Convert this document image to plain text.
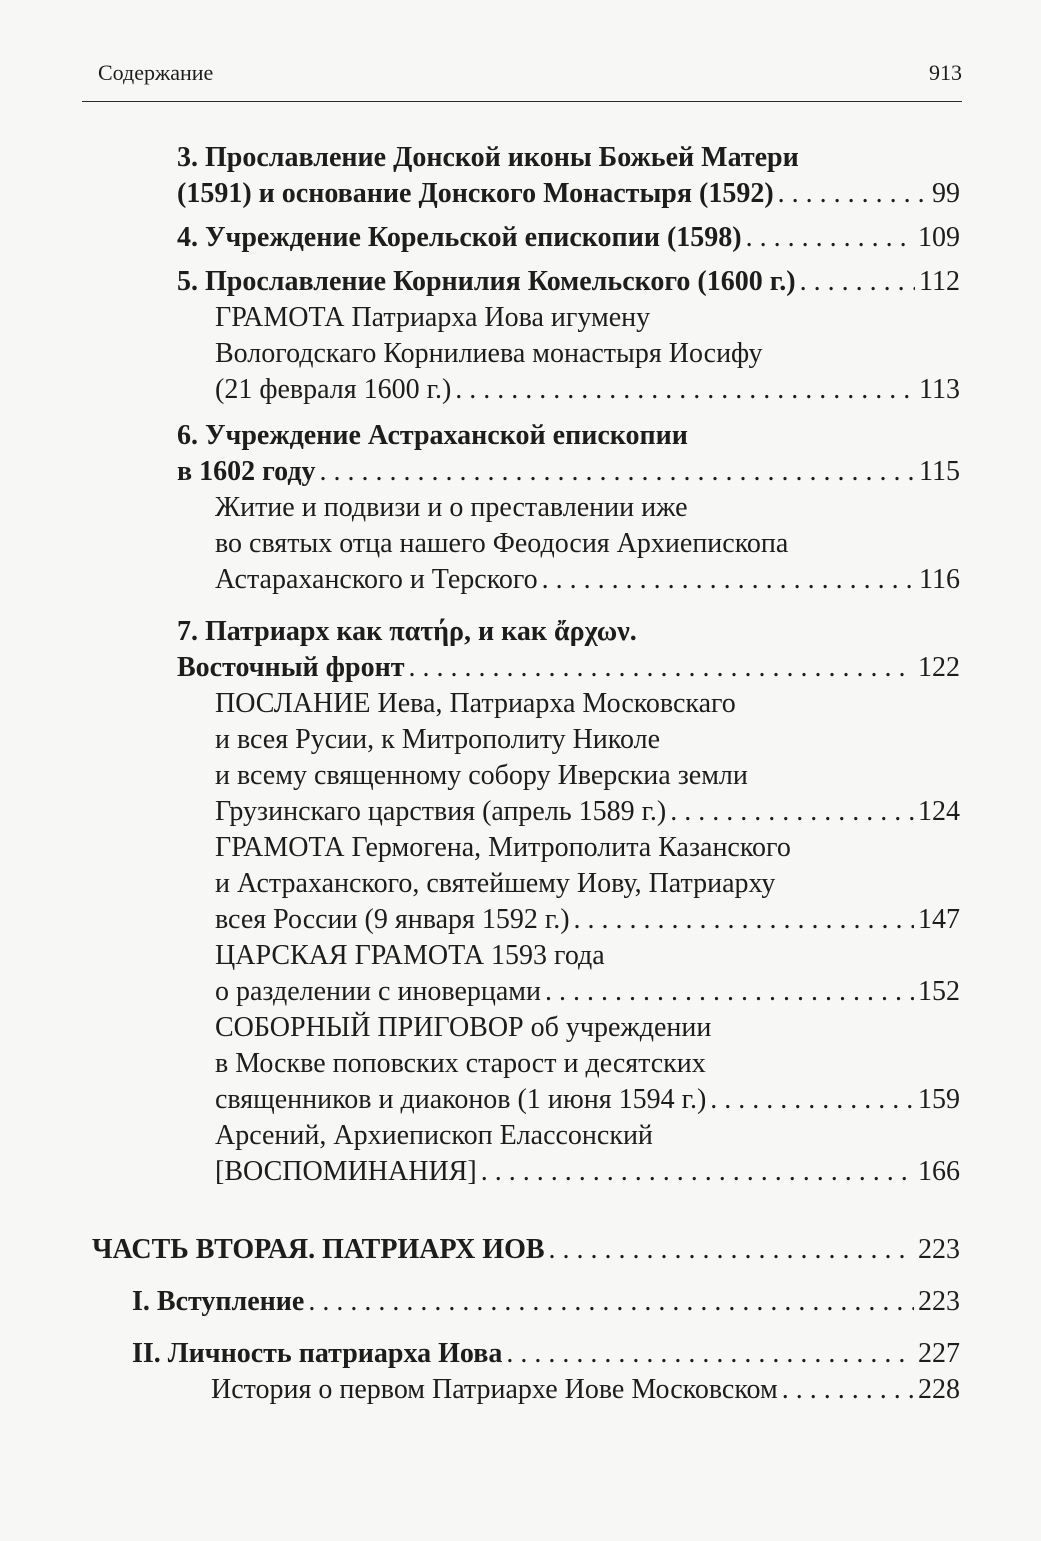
Содержание	913
3. Прославление Донской иконы Божьей Матери
(1591) и основание Донского Монастыря (1592) . . .	99
4. Учреждение Корельской епископии (1598) . . .	109
5. Прославление Корнилия Комельского (1600 г.) . . .	112
ГРАМОТА Патриарха Иова игумену
Вологодскаго Корнилиева монастыря Иосифу
(21 февраля 1600 г.) . . .	113
6. Учреждение Астраханской епископии
в 1602 году . . .	115
Житие и подвизи и о преставлении иже
во святых отца нашего Феодосия Архиепископа
Астараханского и Терского . . .	116
7. Патриарх как πατήρ, и как ἄρχων.
Восточный фронт . . .	122
ПОСЛАНИЕ Иева, Патриарха Московскаго
и всея Русии, к Митрополиту Николе
и всему священному собору Иверскиа земли
Грузинскаго царствия (апрель 1589 г.) . . .	124
ГРАМОТА Гермогена, Митрополита Казанского
и Астраханского, святейшему Иову, Патриарху
всея России (9 января 1592 г.) . . .	147
ЦАРСКАЯ ГРАМОТА 1593 года
о разделении с иноверцами . . .	152
СОБОРНЫЙ ПРИГОВОР об учреждении
в Москве поповских старост и десятских
священников и диаконов (1 июня 1594 г.) . . .	159
Арсений, Архиепископ Елассонский
[ВОСПОМИНАНИЯ] . . .	166
ЧАСТЬ ВТОРАЯ. ПАТРИАРХ ИОВ . . .	223
I. Вступление . . .	223
II. Личность патриарха Иова . . .	227
История о первом Патриархе Иове Московском . . .	228
